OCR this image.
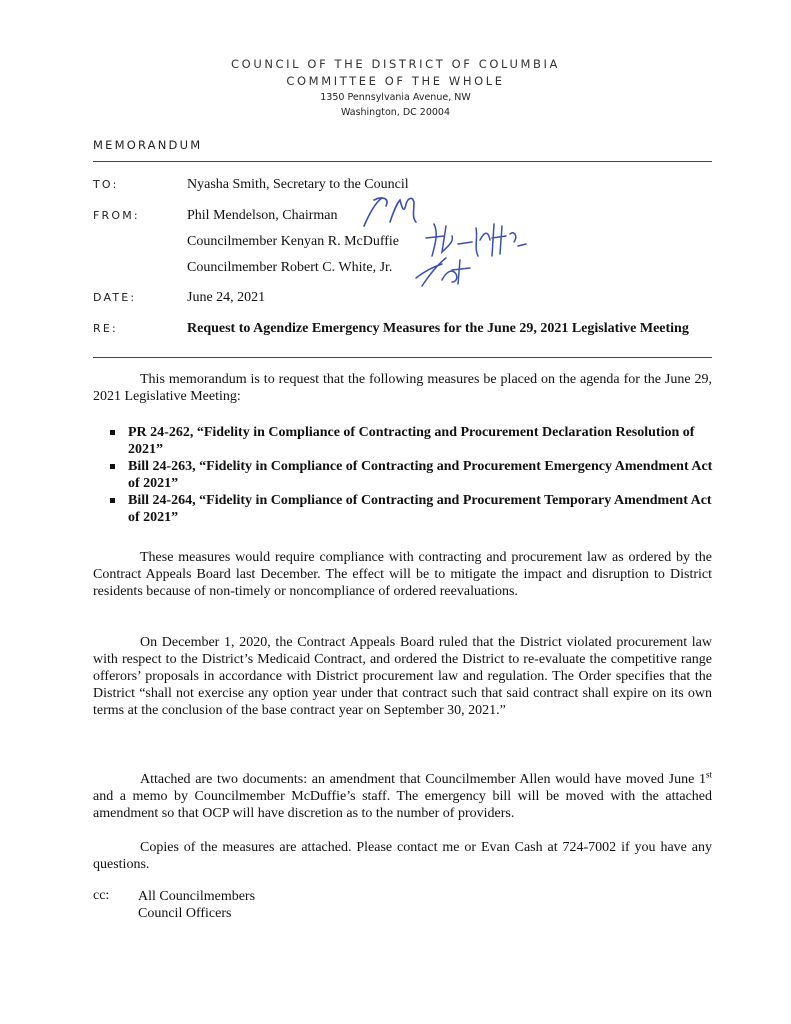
COUNCIL OF THE DISTRICT OF COLUMBIA
COMMITTEE OF THE WHOLE
1350 Pennsylvania Avenue, NW
Washington, DC 20004
MEMORANDUM
TO:	Nyasha Smith, Secretary to the Council
FROM:	Phil Mendelson, Chairman
Councilmember Kenyan R. McDuffie
Councilmember Robert C. White, Jr.
DATE:	June 24, 2021
RE:	Request to Agendize Emergency Measures for the June 29, 2021 Legislative Meeting

This memorandum is to request that the following measures be placed on the agenda for the June 29, 2021 Legislative Meeting:

PR 24-262, “Fidelity in Compliance of Contracting and Procurement Declaration Resolution of 2021”
Bill 24-263, “Fidelity in Compliance of Contracting and Procurement Emergency Amendment Act of 2021”
Bill 24-264, “Fidelity in Compliance of Contracting and Procurement Temporary Amendment Act of 2021”

These measures would require compliance with contracting and procurement law as ordered by the Contract Appeals Board last December. The effect will be to mitigate the impact and disruption to District residents because of non-timely or noncompliance of ordered reevaluations.

On December 1, 2020, the Contract Appeals Board ruled that the District violated procurement law with respect to the District’s Medicaid Contract, and ordered the District to re-evaluate the competitive range offerors’ proposals in accordance with District procurement law and regulation. The Order specifies that the District “shall not exercise any option year under that contract such that said contract shall expire on its own terms at the conclusion of the base contract year on September 30, 2021.”

Attached are two documents: an amendment that Councilmember Allen would have moved June 1st and a memo by Councilmember McDuffie’s staff. The emergency bill will be moved with the attached amendment so that OCP will have discretion as to the number of providers.

Copies of the measures are attached. Please contact me or Evan Cash at 724-7002 if you have any questions.

cc: All Councilmembers
Council Officers
